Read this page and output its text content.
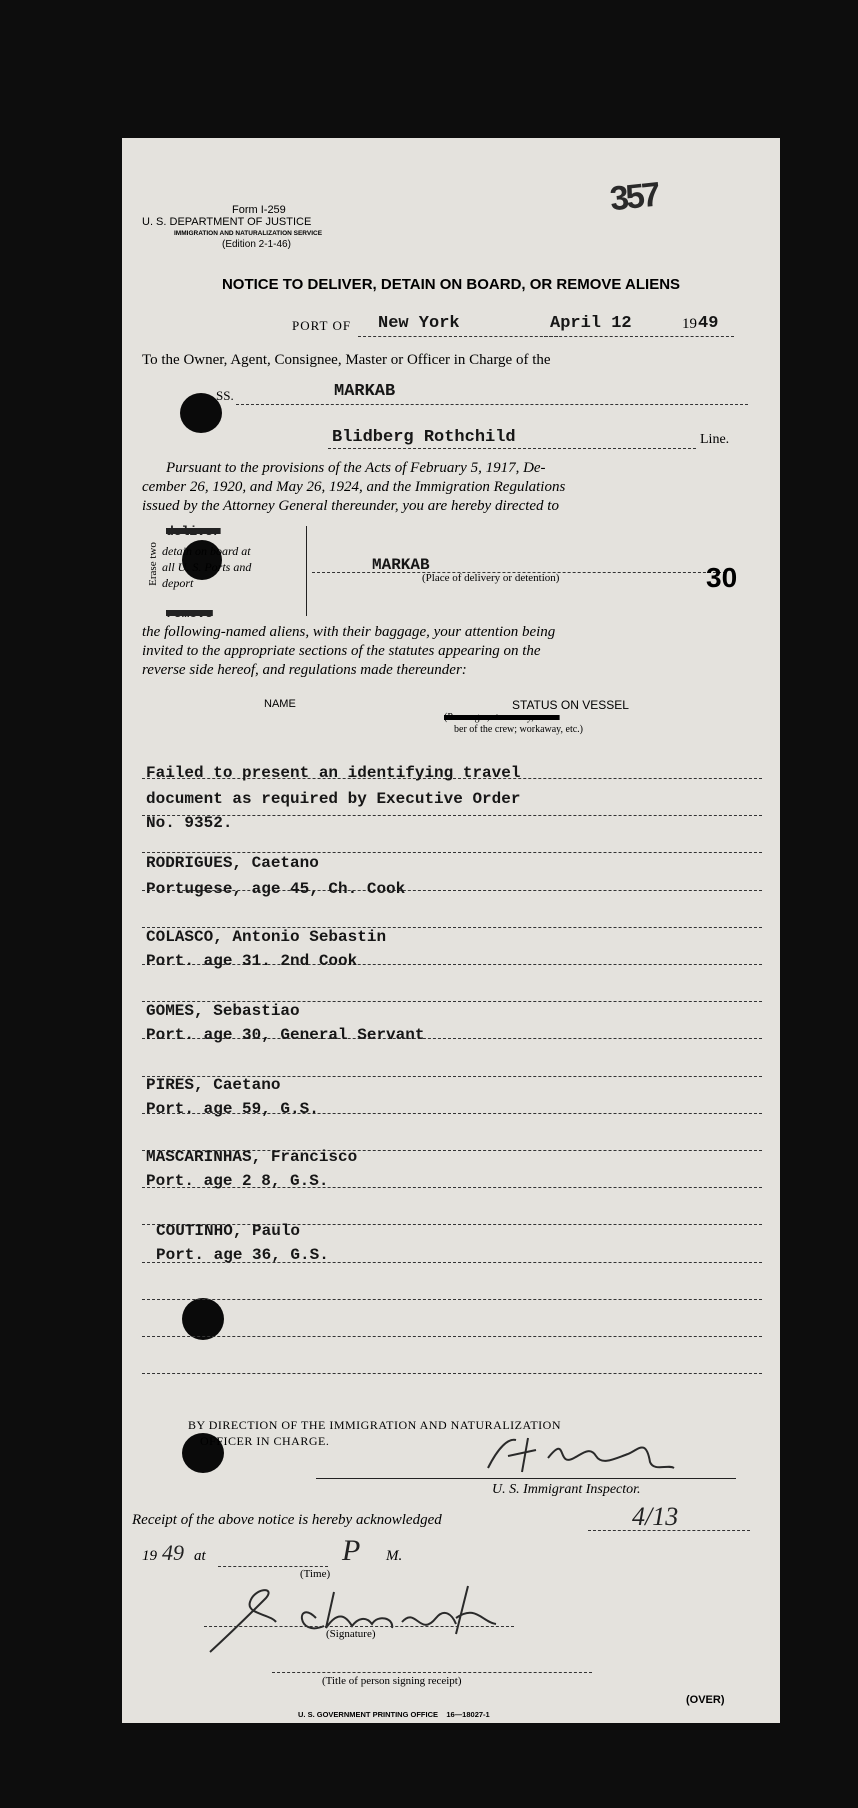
Form I-259
U. S. DEPARTMENT OF JUSTICE
IMMIGRATION AND NATURALIZATION SERVICE
(Edition 2-1-46)
357
NOTICE TO DELIVER, DETAIN ON BOARD, OR REMOVE ALIENS
PORT OF New York	April 12	19 49
To the Owner, Agent, Consignee, Master or Officer in Charge of the
SS.	MARKAB
Blidberg Rothchild	Line.
Pursuant to the provisions of the Acts of February 5, 1917, De-
cember 26, 1920, and May 26, 1924, and the Immigration Regulations
issued by the Attorney General thereunder, you are hereby directed to
Erase two
deliver
detain on board at
all U. S. Ports and
deport
remove
MARKAB
(Place of delivery or detention)	30
the following-named aliens, with their baggage, your attention being
invited to the appropriate sections of the statutes appearing on the
reverse side hereof, and regulations made thereunder:
NAME	STATUS ON VESSEL
(Passenger, stowaway, mem-
ber of the crew; workaway, etc.)
Failed to present an identifying travel
document as required by Executive Order
No. 9352.
RODRIGUES, Caetano
Portugese, age 45, Ch. Cook
COLASCO, Antonio Sebastin
Port. age 31. 2nd Cook
GOMES, Sebastiao
Port. age 30, General Servant
PIRES, Caetano
Port. age 59, G.S.
MASCARINHAS, Francisco
Port. age 2 8, G.S.
COUTINHO, Paulo
Port. age 36, G.S.
BY DIRECTION OF THE IMMIGRATION AND NATURALIZATION
OFFICER IN CHARGE.
U. S. Immigrant Inspector.
Receipt of the above notice is hereby acknowledged	4/13
19 49 at	P M.
(Time)
(Signature)
(Title of person signing receipt)
U. S. GOVERNMENT PRINTING OFFICE    16—18027-1
(OVER)
